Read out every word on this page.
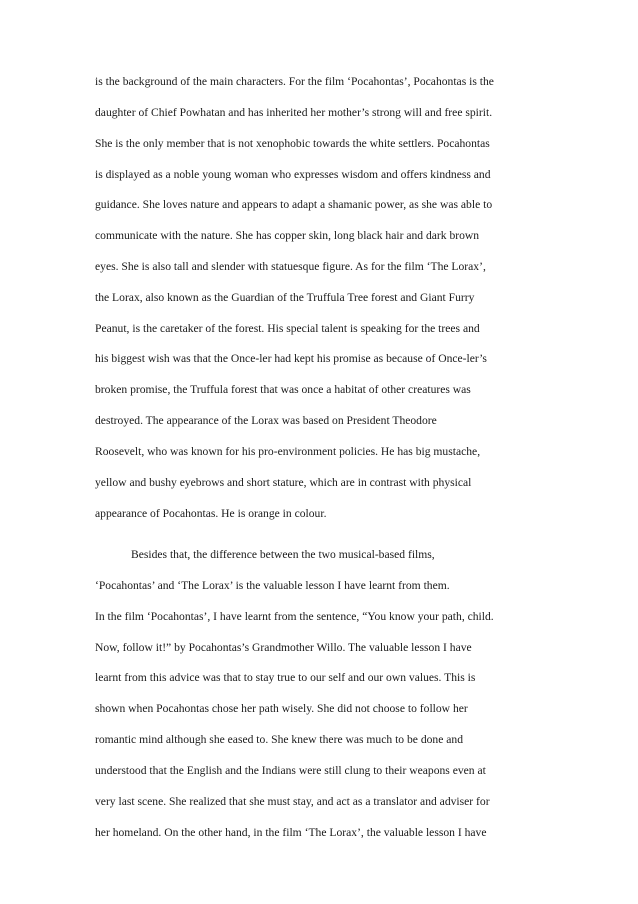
is the background of the main characters. For the film ‘Pocahontas’, Pocahontas is the
daughter of Chief Powhatan and has inherited her mother’s strong will and free spirit.
She is the only member that is not xenophobic towards the white settlers. Pocahontas
is displayed as a noble young woman who expresses wisdom and offers kindness and
guidance. She loves nature and appears to adapt a shamanic power, as she was able to
communicate with the nature. She has copper skin, long black hair and dark brown
eyes. She is also tall and slender with statuesque figure. As for the film ‘The Lorax’,
the Lorax, also known as the Guardian of the Truffula Tree forest and Giant Furry
Peanut, is the caretaker of the forest. His special talent is speaking for the trees and
his biggest wish was that the Once-ler had kept his promise as because of Once-ler’s
broken promise, the Truffula forest that was once a habitat of other creatures was
destroyed. The appearance of the Lorax was based on President Theodore
Roosevelt, who was known for his pro-environment policies. He has big mustache,
yellow and bushy eyebrows and short stature, which are in contrast with physical
appearance of Pocahontas. He is orange in colour.
Besides that, the difference between the two musical-based films,
‘Pocahontas’ and ‘The Lorax’ is the valuable lesson I have learnt from them.
In the film ‘Pocahontas’, I have learnt from the sentence, “You know your path, child.
Now, follow it!” by Pocahontas’s Grandmother Willo. The valuable lesson I have
learnt from this advice was that to stay true to our self and our own values. This is
shown when Pocahontas chose her path wisely. She did not choose to follow her
romantic mind although she eased to. She knew there was much to be done and
understood that the English and the Indians were still clung to their weapons even at
very last scene. She realized that she must stay, and act as a translator and adviser for
her homeland. On the other hand, in the film ‘The Lorax’, the valuable lesson I have
